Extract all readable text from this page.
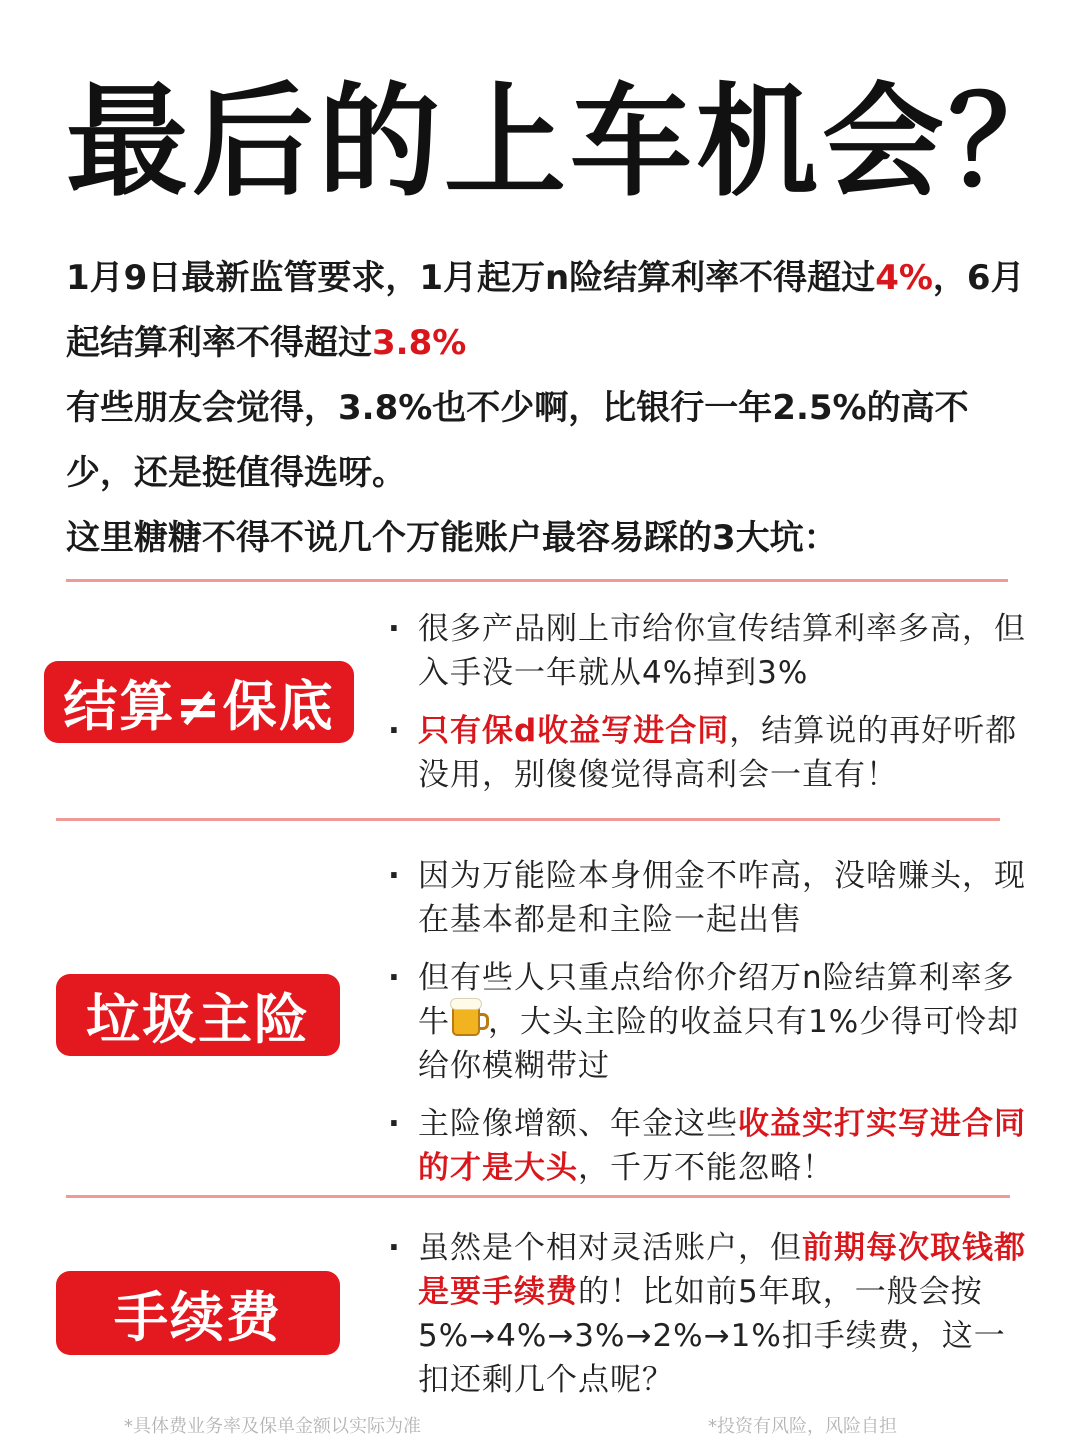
最后的上车机会？

1月9日最新监管要求，1月起万n险结算利率不得超过4%，6月起结算利率不得超过3.8%

有些朋友会觉得，3.8%也不少啊，比银行一年2.5%的高不少，还是挺值得选呀。

这里糖糖不得不说几个万能账户最容易踩的3大坑：

结算≠保底
· 很多产品刚上市给你宣传结算利率多高，但入手没一年就从4%掉到3%
· 只有保d收益写进合同，结算说的再好听都没用，别傻傻觉得高利会一直有！
垃圾主险
· 因为万能险本身佣金不咋高，没啥赚头，现在基本都是和主险一起出售
· 但有些人只重点给你介绍万n险结算利率多牛 ，大头主险的收益只有1%少得可怜却给你模糊带过
· 主险像增额、年金这些收益实打实写进合同的才是大头，千万不能忽略！
手续费
· 虽然是个相对灵活账户，但前期每次取钱都是要手续费的！比如前5年取，一般会按5%→4%→3%→2%→1%扣手续费，这一扣还剩几个点呢？
*具体费业务率及保单金额以实际为准	*投资有风险，风险自担
